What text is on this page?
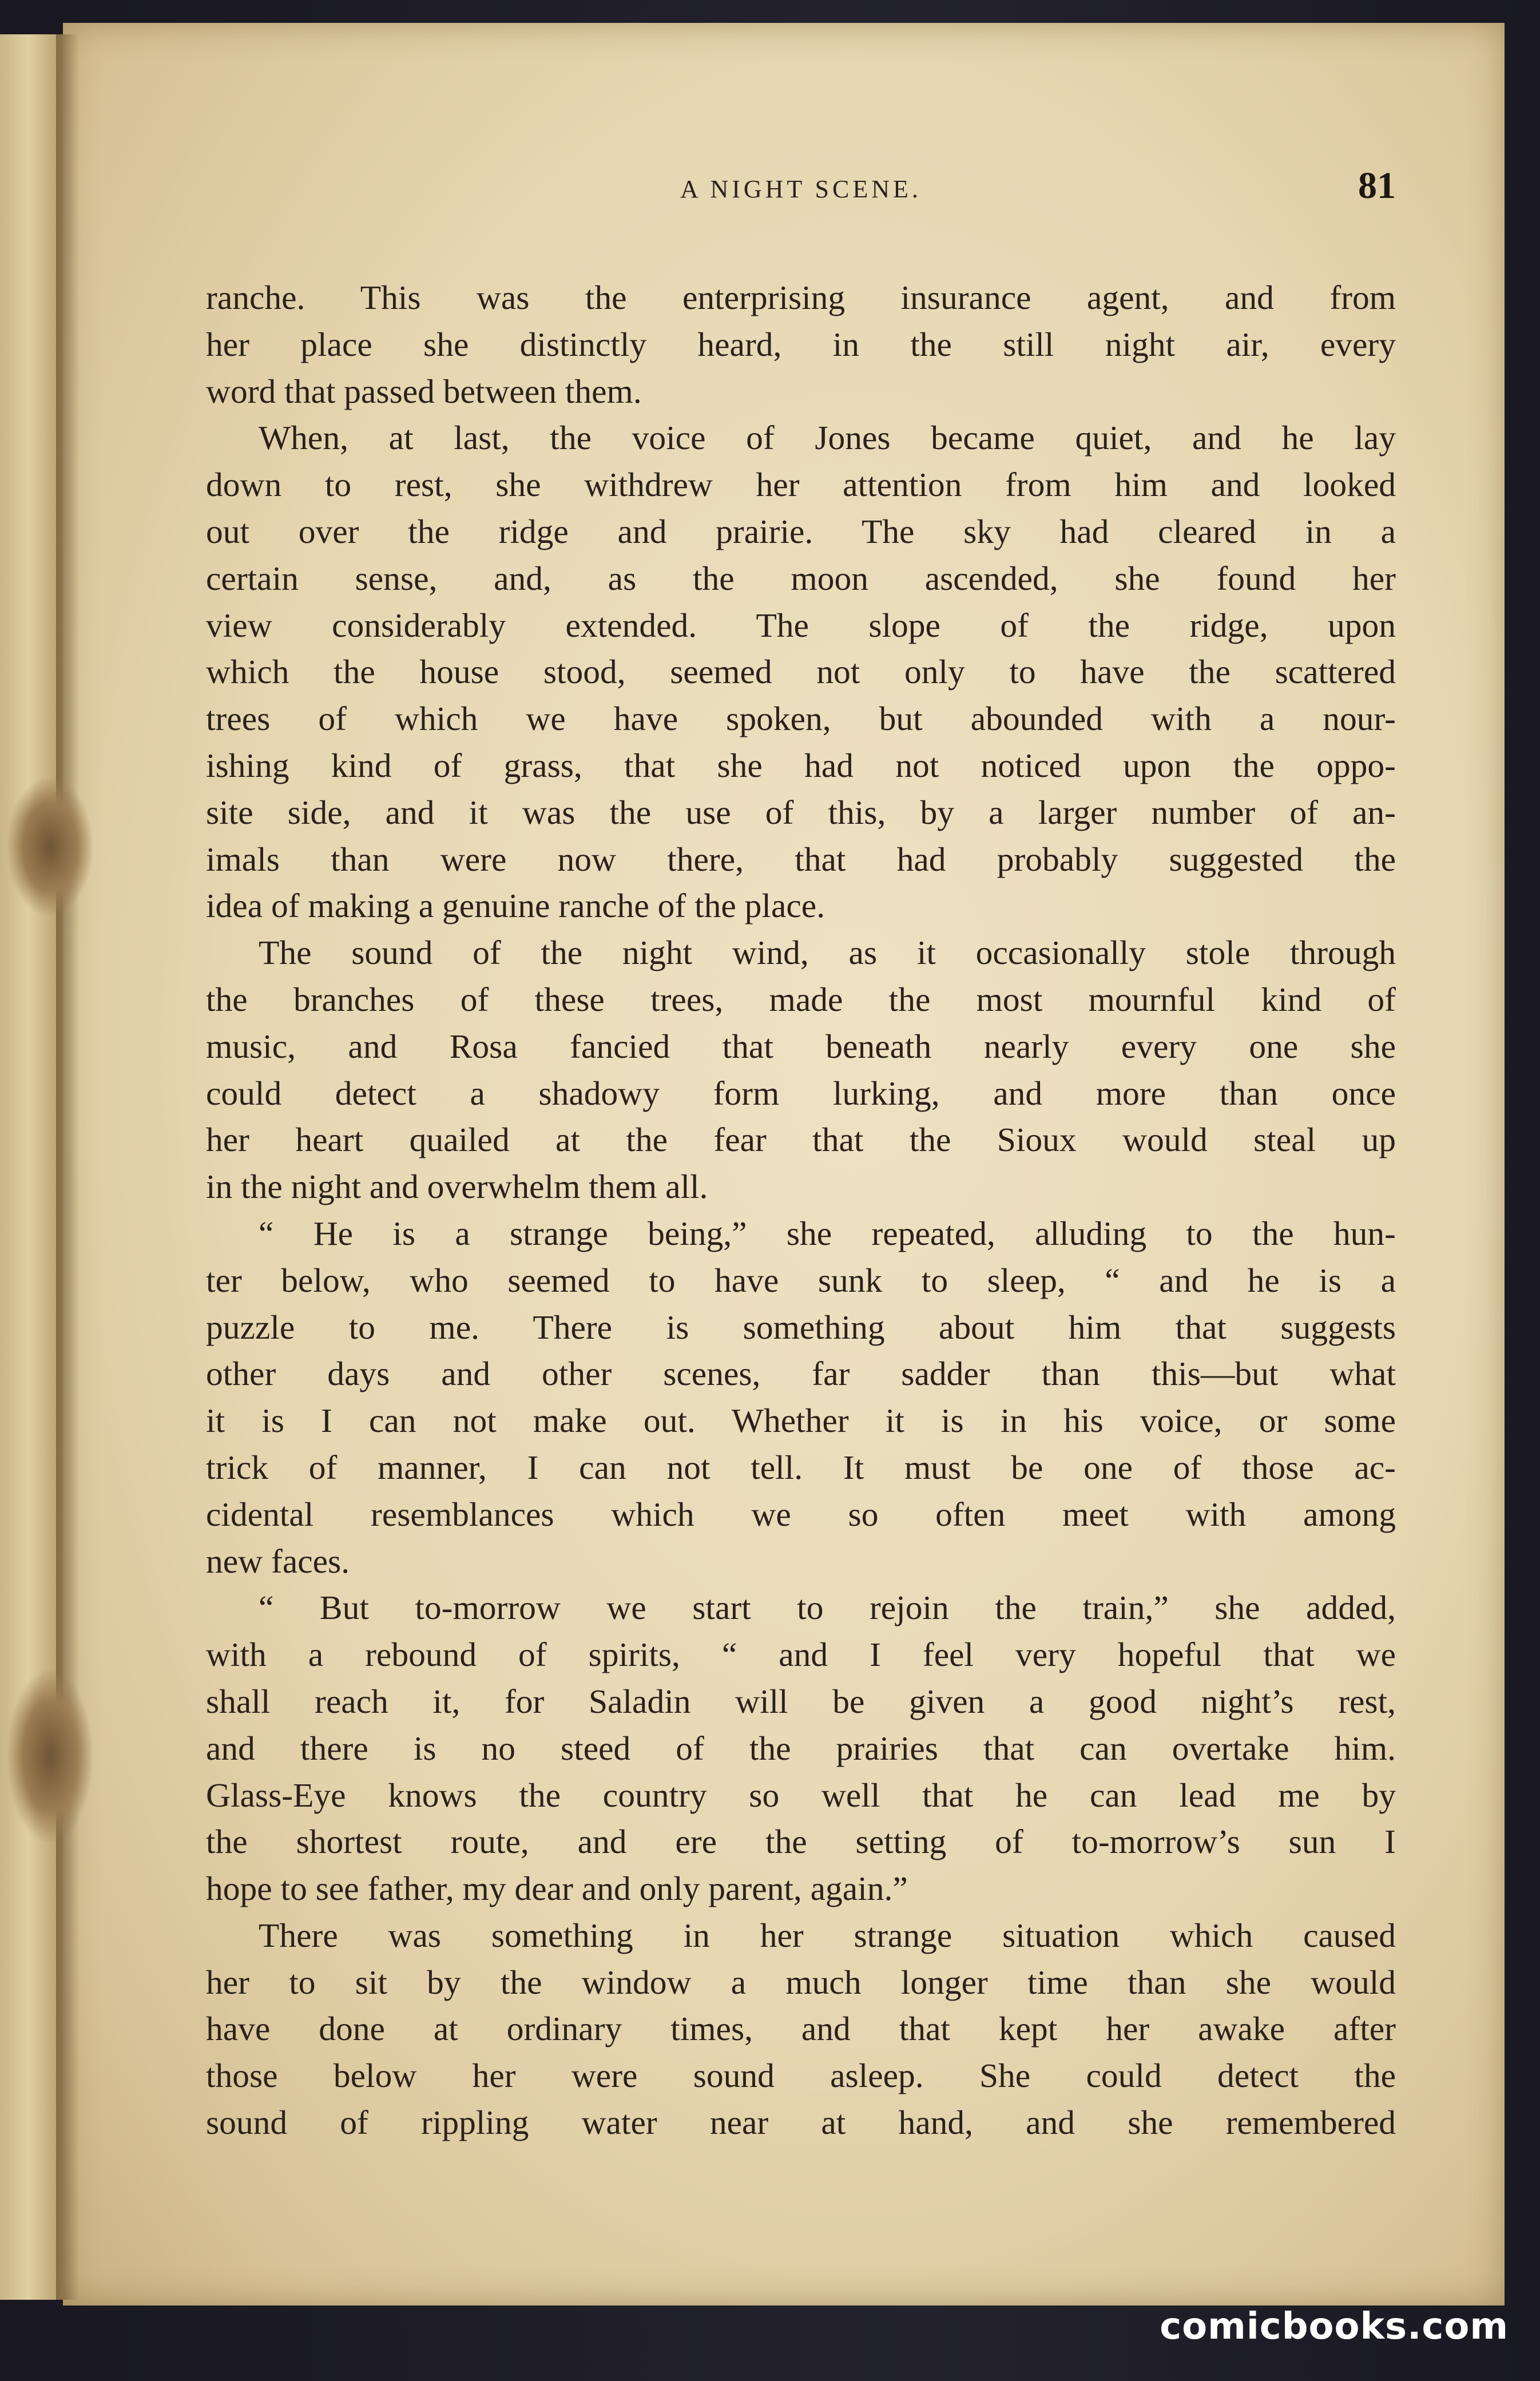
A NIGHT SCENE.	81
ranche. This was the enterprising insurance agent, and from
her place she distinctly heard, in the still night air, every
word that passed between them.
When, at last, the voice of Jones became quiet, and he lay
down to rest, she withdrew her attention from him and looked
out over the ridge and prairie. The sky had cleared in a
certain sense, and, as the moon ascended, she found her
view considerably extended. The slope of the ridge, upon
which the house stood, seemed not only to have the scattered
trees of which we have spoken, but abounded with a nour-
ishing kind of grass, that she had not noticed upon the oppo-
site side, and it was the use of this, by a larger number of an-
imals than were now there, that had probably suggested the
idea of making a genuine ranche of the place.
The sound of the night wind, as it occasionally stole through
the branches of these trees, made the most mournful kind of
music, and Rosa fancied that beneath nearly every one she
could detect a shadowy form lurking, and more than once
her heart quailed at the fear that the Sioux would steal up
in the night and overwhelm them all.
“ He is a strange being,” she repeated, alluding to the hun-
ter below, who seemed to have sunk to sleep, “ and he is a
puzzle to me. There is something about him that suggests
other days and other scenes, far sadder than this—but what
it is I can not make out. Whether it is in his voice, or some
trick of manner, I can not tell. It must be one of those ac-
cidental resemblances which we so often meet with among
new faces.
“ But to-morrow we start to rejoin the train,” she added,
with a rebound of spirits, “ and I feel very hopeful that we
shall reach it, for Saladin will be given a good night’s rest,
and there is no steed of the prairies that can overtake him.
Glass-Eye knows the country so well that he can lead me by
the shortest route, and ere the setting of to-morrow’s sun I
hope to see father, my dear and only parent, again.”
There was something in her strange situation which caused
her to sit by the window a much longer time than she would
have done at ordinary times, and that kept her awake after
those below her were sound asleep. She could detect the
sound of rippling water near at hand, and she remembered
comicbooks.com
